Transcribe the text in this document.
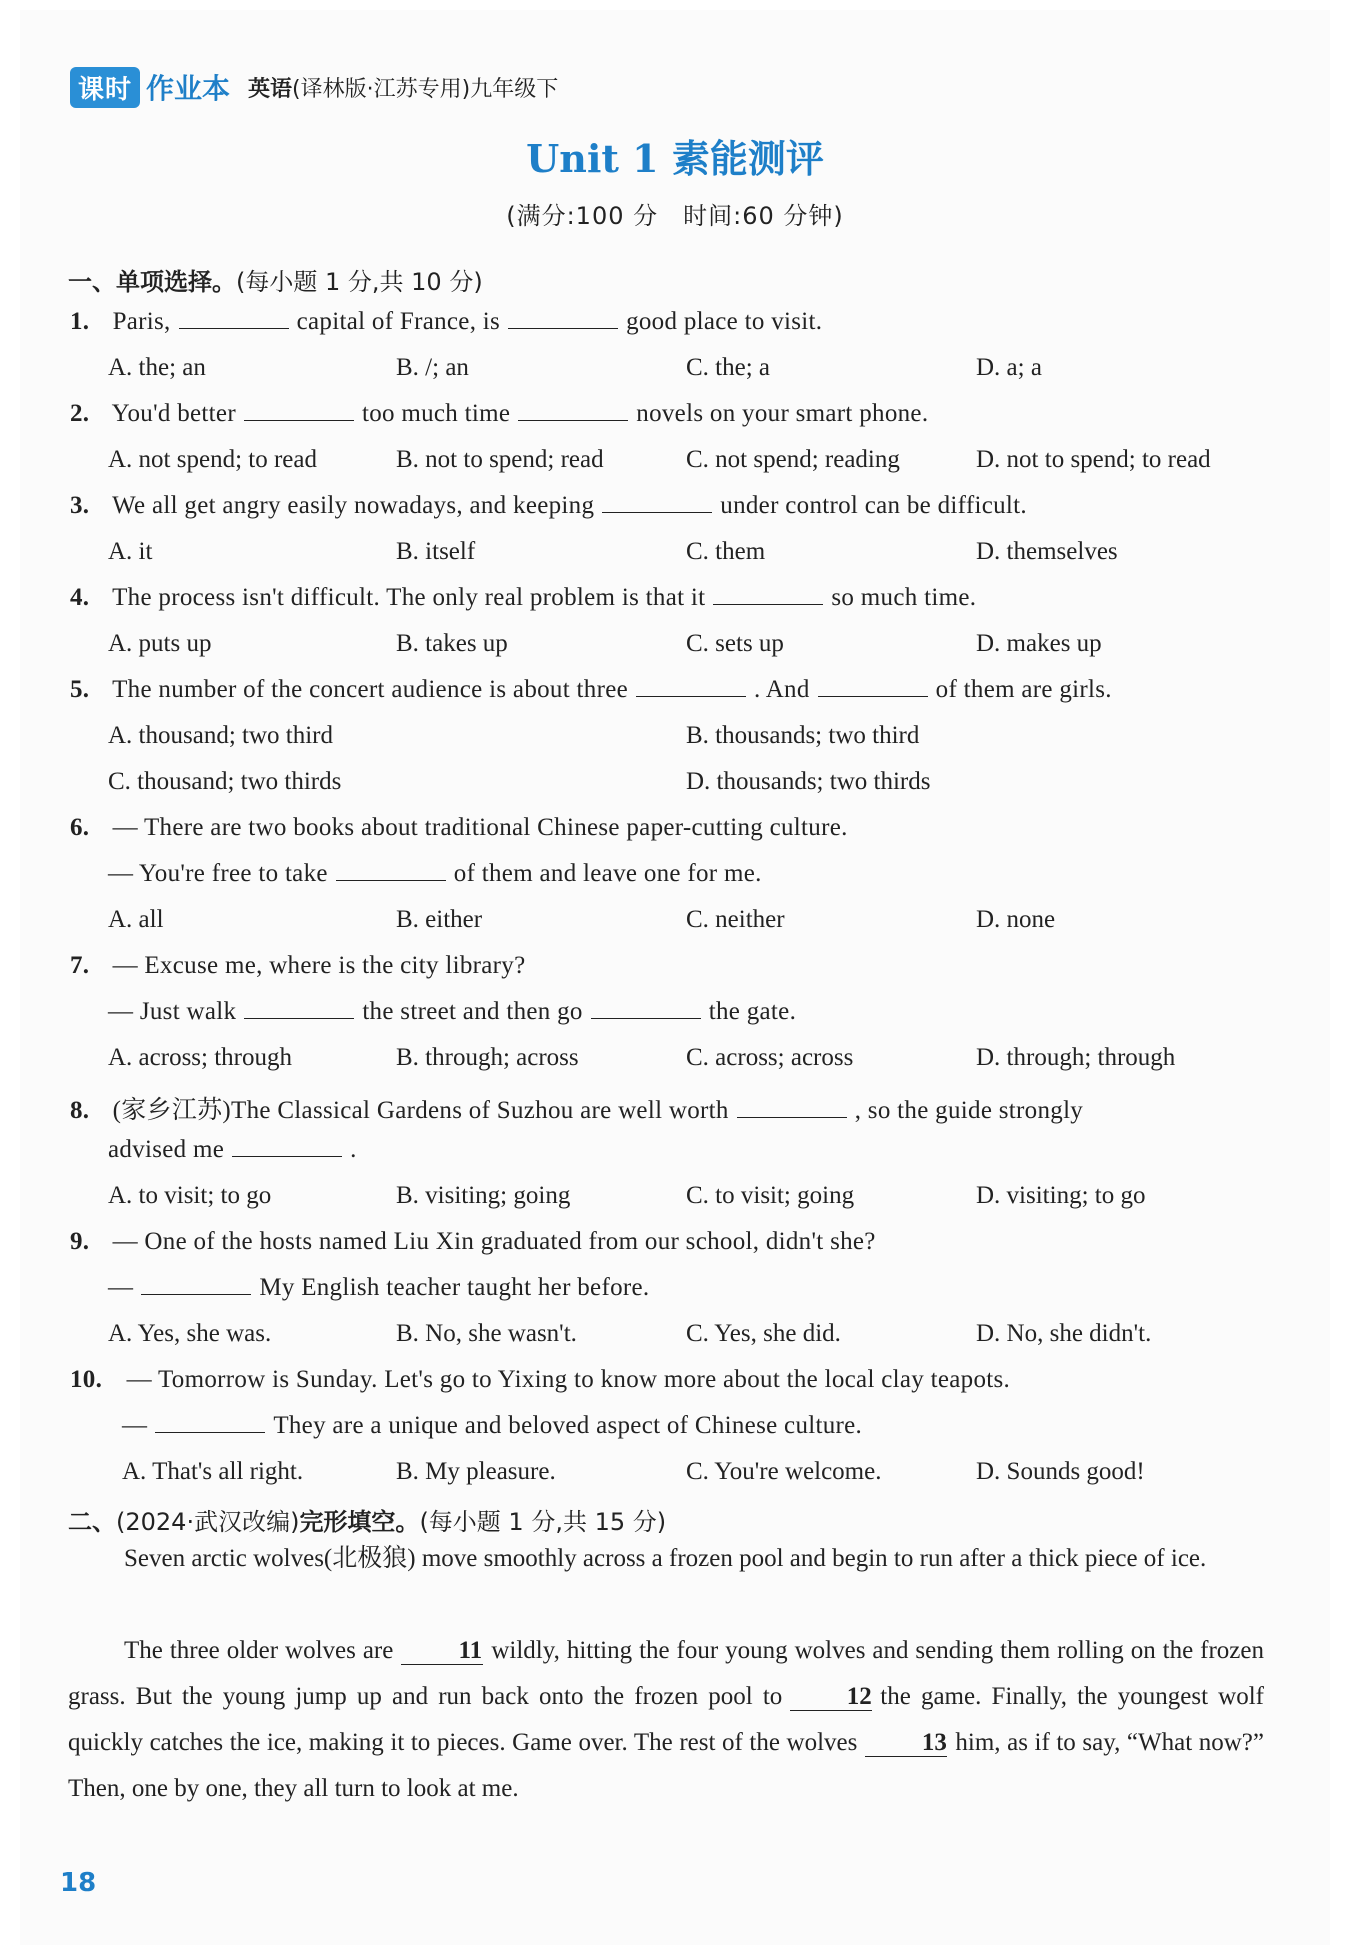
课时 作业本 英语(译林版·江苏专用)九年级下
Unit 1 素能测评
(满分:100 分　时间:60 分钟)
一、单项选择。(每小题 1 分,共 10 分)
1. Paris,	capital of France, is	good place to visit.
A. the; an	B. /; an	C. the; a	D. a; a
2. You'd better	too much time	novels on your smart phone.
A. not spend; to read	B. not to spend; read	C. not spend; reading	D. not to spend; to read
3. We all get angry easily nowadays, and keeping	under control can be difficult.
A. it	B. itself	C. them	D. themselves
4. The process isn't difficult. The only real problem is that it	so much time.
A. puts up	B. takes up	C. sets up	D. makes up
5. The number of the concert audience is about three	. And	of them are girls.
A. thousand; two third	B. thousands; two third
C. thousand; two thirds	D. thousands; two thirds
6. — There are two books about traditional Chinese paper-cutting culture.
— You're free to take	of them and leave one for me.
A. all	B. either	C. neither	D. none
7. — Excuse me, where is the city library?
— Just walk	the street and then go	the gate.
A. across; through	B. through; across	C. across; across	D. through; through
8. (家乡江苏)The Classical Gardens of Suzhou are well worth	, so the guide strongly
advised me	.
A. to visit; to go	B. visiting; going	C. to visit; going	D. visiting; to go
9. — One of the hosts named Liu Xin graduated from our school, didn't she?
—	My English teacher taught her before.
A. Yes, she was.	B. No, she wasn't.	C. Yes, she did.	D. No, she didn't.
10. — Tomorrow is Sunday. Let's go to Yixing to know more about the local clay teapots.
—	They are a unique and beloved aspect of Chinese culture.
A. That's all right.	B. My pleasure.	C. You're welcome.	D. Sounds good!
二、(2024·武汉改编)完形填空。(每小题 1 分,共 15 分)
Seven arctic wolves(北极狼) move smoothly across a frozen pool and begin to run after a thick piece of ice.
The three older wolves are	11 wildly, hitting the four young wolves and sending them rolling on the frozen grass. But the young jump up and run back onto the frozen pool to	12 the game. Finally, the youngest wolf quickly catches the ice, making it to pieces. Game over. The rest of the wolves	13 him, as if to say, “What now?” Then, one by one, they all turn to look at me.
18
